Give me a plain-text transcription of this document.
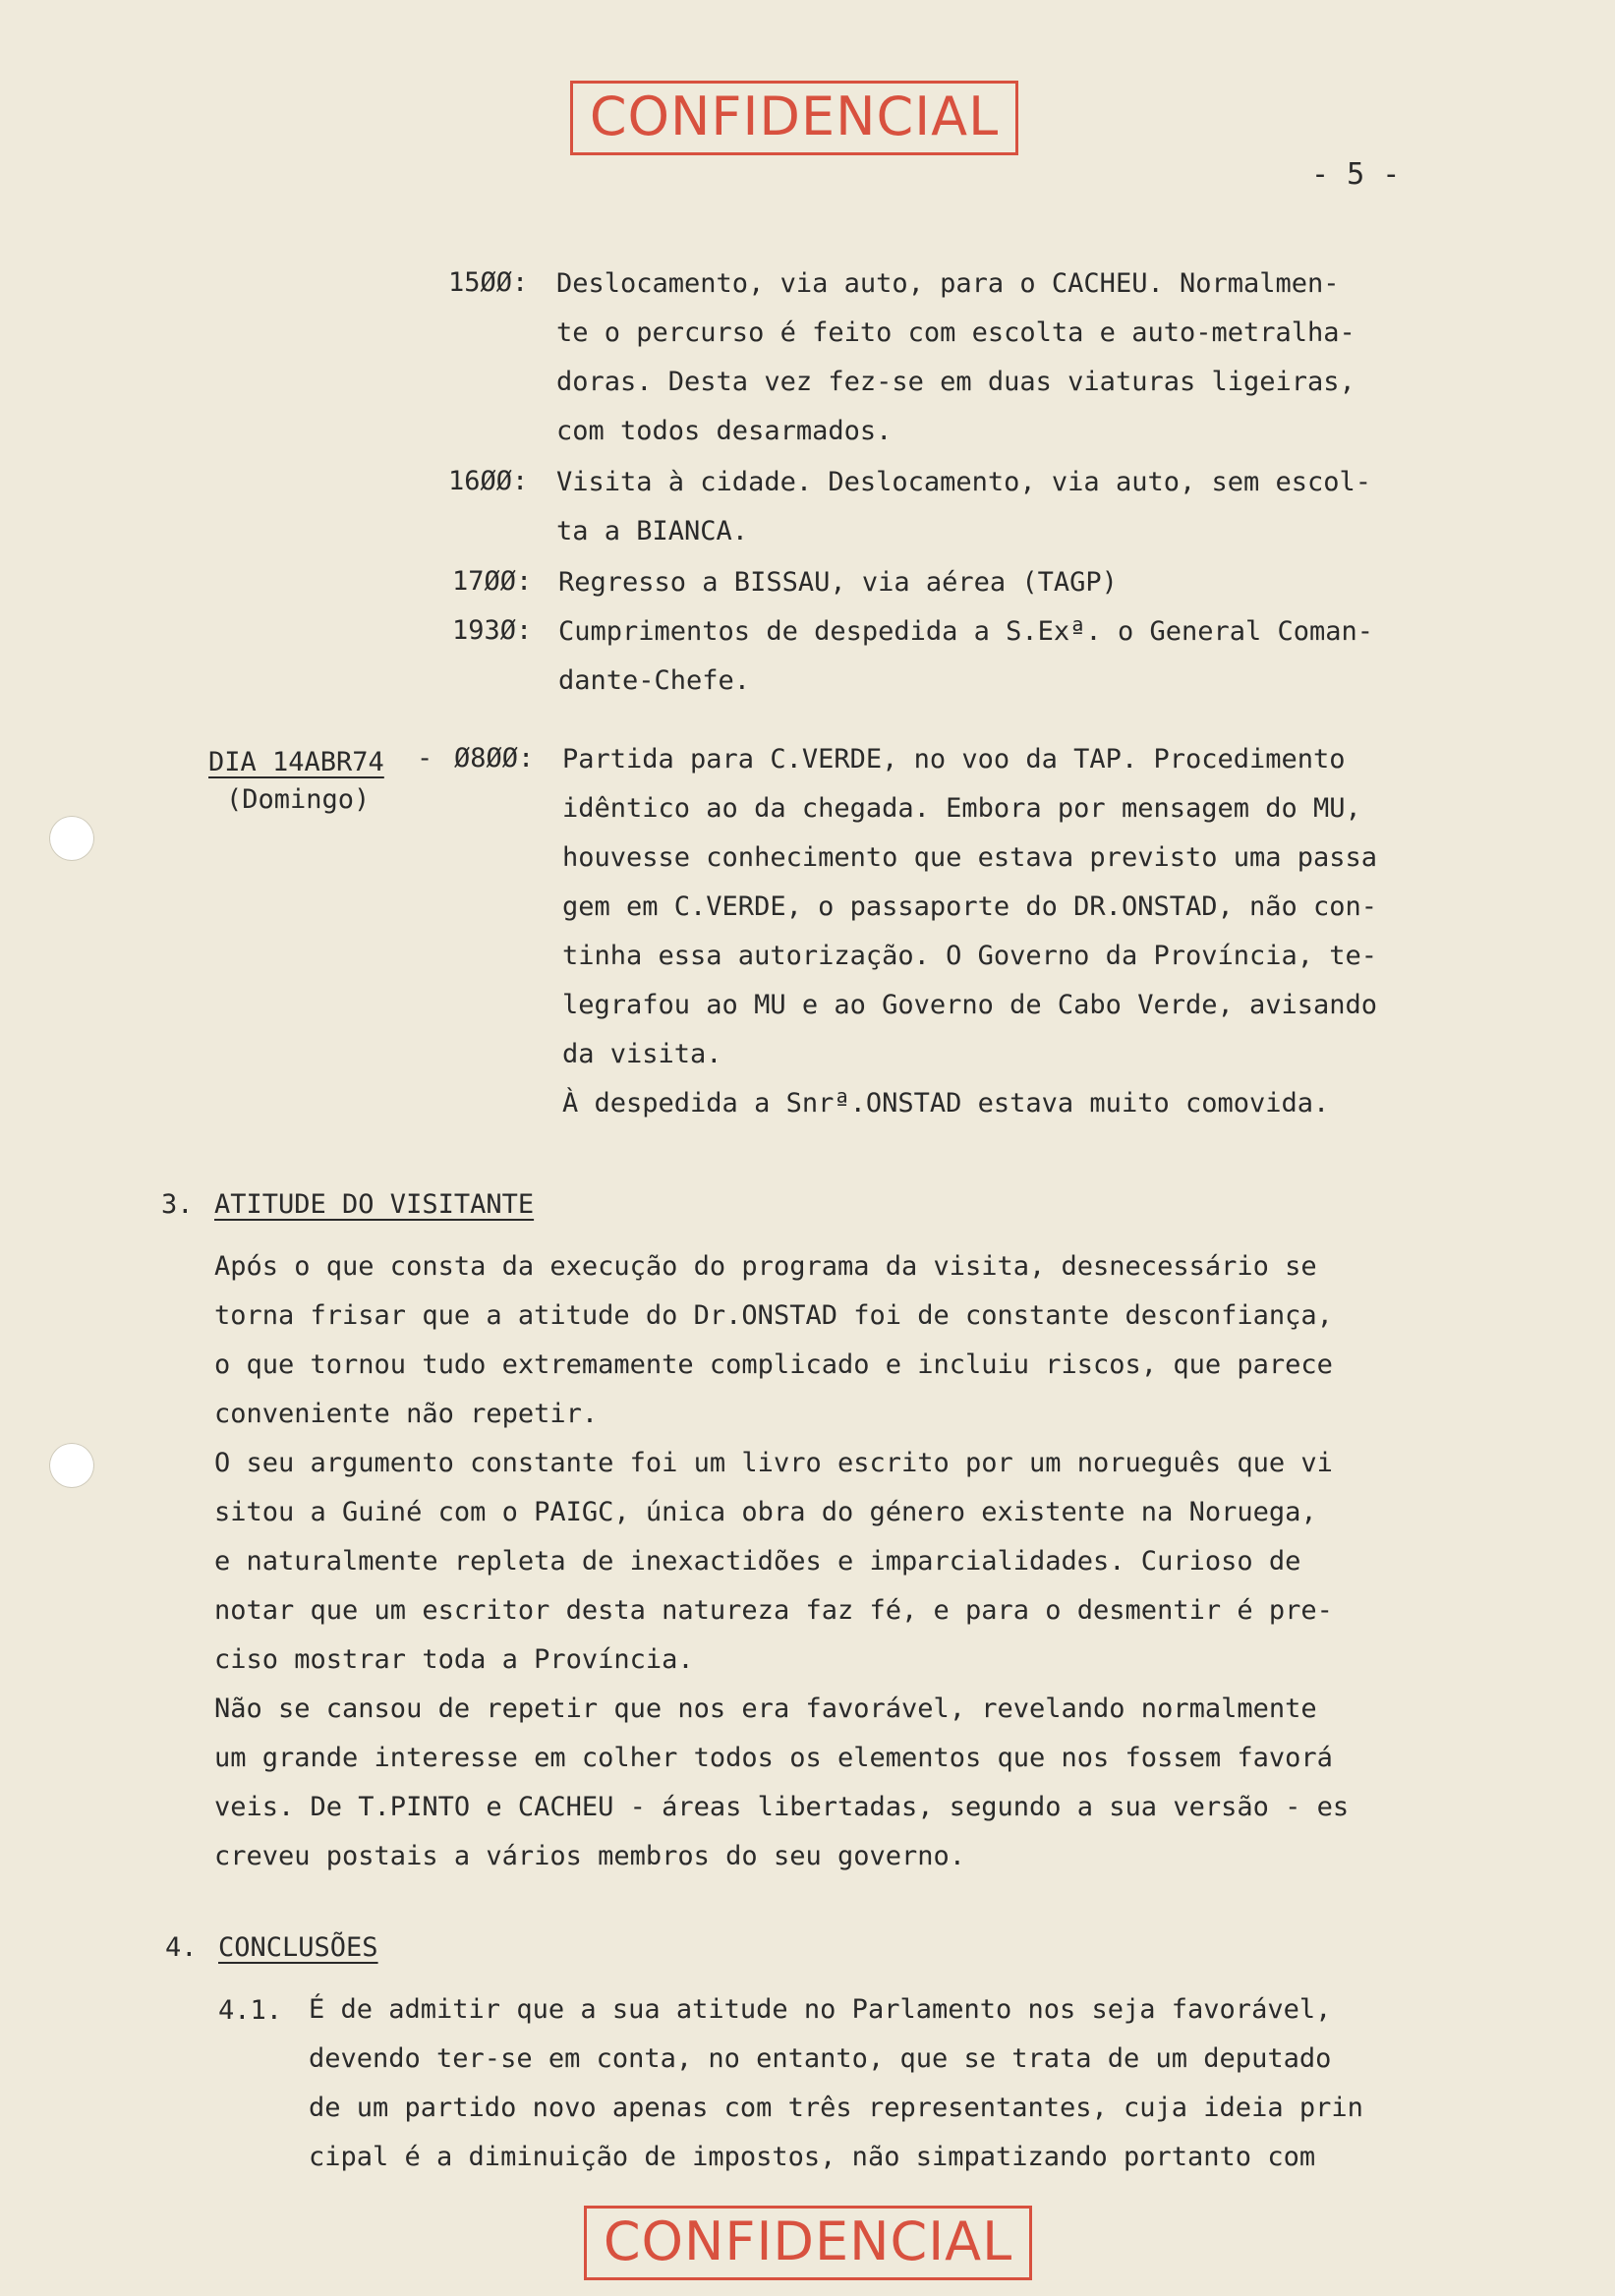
CONFIDENCIAL
- 5 -
15ØØ: Deslocamento, via auto, para o CACHEU. Normalmen-
te o percurso é feito com escolta e auto-metralha-
doras. Desta vez fez-se em duas viaturas ligeiras,
com todos desarmados.
16ØØ: Visita à cidade. Deslocamento, via auto, sem escol-
ta a BIANCA.
17ØØ: Regresso a BISSAU, via aérea (TAGP)
193Ø: Cumprimentos de despedida a S.Exª. o General Coman-
dante-Chefe.
DIA 14ABR74 -
(Domingo)
Ø8ØØ: Partida para C.VERDE, no voo da TAP. Procedimento
idêntico ao da chegada. Embora por mensagem do MU,
houvesse conhecimento que estava previsto uma passa
gem em C.VERDE, o passaporte do DR.ONSTAD, não con-
tinha essa autorização. O Governo da Província, te-
legrafou ao MU e ao Governo de Cabo Verde, avisando
da visita.
À despedida a Snrª.ONSTAD estava muito comovida.
3. ATITUDE DO VISITANTE
Após o que consta da execução do programa da visita, desnecessário se
torna frisar que a atitude do Dr.ONSTAD foi de constante desconfiança,
o que tornou tudo extremamente complicado e incluiu riscos, que parece
conveniente não repetir.
O seu argumento constante foi um livro escrito por um norueguês que vi
sitou a Guiné com o PAIGC, única obra do género existente na Noruega,
e naturalmente repleta de inexactidões e imparcialidades. Curioso de
notar que um escritor desta natureza faz fé, e para o desmentir é pre-
ciso mostrar toda a Província.
Não se cansou de repetir que nos era favorável, revelando normalmente
um grande interesse em colher todos os elementos que nos fossem favorá
veis. De T.PINTO e CACHEU - áreas libertadas, segundo a sua versão - es
creveu postais a vários membros do seu governo.
4. CONCLUSÕES
4.1. É de admitir que a sua atitude no Parlamento nos seja favorável,
devendo ter-se em conta, no entanto, que se trata de um deputado
de um partido novo apenas com três representantes, cuja ideia prin
cipal é a diminuição de impostos, não simpatizando portanto com
CONFIDENCIAL
